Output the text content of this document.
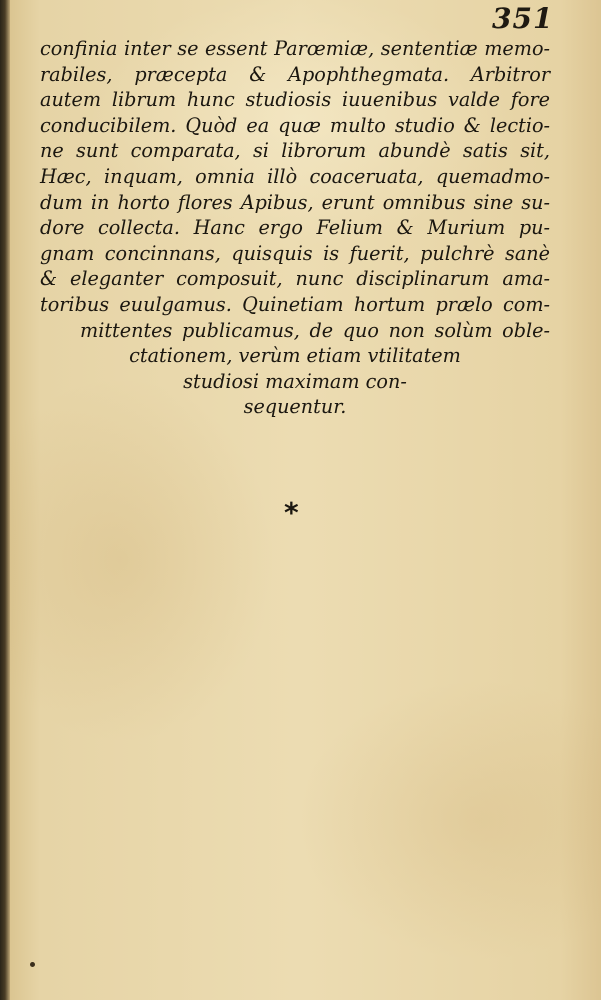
351
confinia inter se essent Parœmiæ, sententiæ memo-
rabiles, præcepta & Apophthegmata. Arbitror
autem librum hunc studiosis iuuenibus valde fore
conducibilem. Quòd ea quæ multo studio & lectio-
ne sunt comparata, si librorum abundè satis sit,
Hæc, inquam, omnia illò coaceruata, quemadmo-
dum in horto flores Apibus, erunt omnibus sine su-
dore collecta. Hanc ergo Felium & Murium pu-
gnam concinnans, quisquis is fuerit, pulchrè sanè
& eleganter composuit, nunc disciplinarum ama-
toribus euulgamus. Quinetiam hortum prælo com-
mittentes publicamus, de quo non solùm oble-
ctationem, verùm etiam vtilitatem
studiosi maximam con-
sequentur.
*
